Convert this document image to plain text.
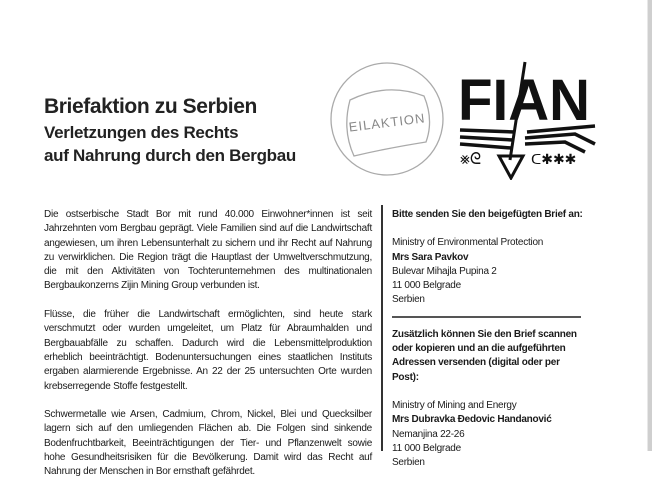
Briefaktion zu Serbien
Verletzungen des Rechts
auf Nahrung durch den Bergbau
EILAKTION FIAN
⨳ᘓ	ᑕ✱✱✱

Die ostserbische Stadt Bor mit rund 40.000 Einwohner*innen ist seit Jahrzehnten vom Bergbau geprägt. Viele Familien sind auf die Landwirtschaft angewiesen, um ihren Lebensunterhalt zu sichern und ihr Recht auf Nahrung zu verwirklichen. Die Region trägt die Hauptlast der Umweltverschmutzung, die mit den Aktivitäten von Tochterunternehmen des multinationalen Bergbaukonzerns Zijin Mining Group verbunden ist.

Flüsse, die früher die Landwirtschaft ermöglichten, sind heute stark verschmutzt oder wurden umgeleitet, um Platz für Abraumhalden und Bergbauabfälle zu schaffen. Dadurch wird die Lebensmittelproduktion erheblich beeinträchtigt. Bodenuntersuchungen eines staatlichen Instituts ergaben alarmierende Ergebnisse. An 22 der 25 untersuchten Orte wurden krebserregende Stoffe festgestellt.

Schwermetalle wie Arsen, Cadmium, Chrom, Nickel, Blei und Quecksilber lagern sich auf den umliegenden Flächen ab. Die Folgen sind sinkende Bodenfruchtbarkeit, Beeinträchtigungen der Tier- und Pflanzenwelt sowie hohe Gesundheitsrisiken für die Bevölkerung. Damit wird das Recht auf Nahrung der Menschen in Bor ernsthaft gefährdet.

Bitte senden Sie den beigefügten Brief an:

Ministry of Environmental Protection
Mrs Sara Pavkov
Bulevar Mihajla Pupina 2
11 000 Belgrade
Serbien

Zusätzlich können Sie den Brief scannen oder kopieren und an die aufgeführten Adressen versenden (digital oder per Post):

Ministry of Mining and Energy
Mrs Dubravka Đedovic Handanović
Nemanjina 22-26
11 000 Belgrade
Serbien
